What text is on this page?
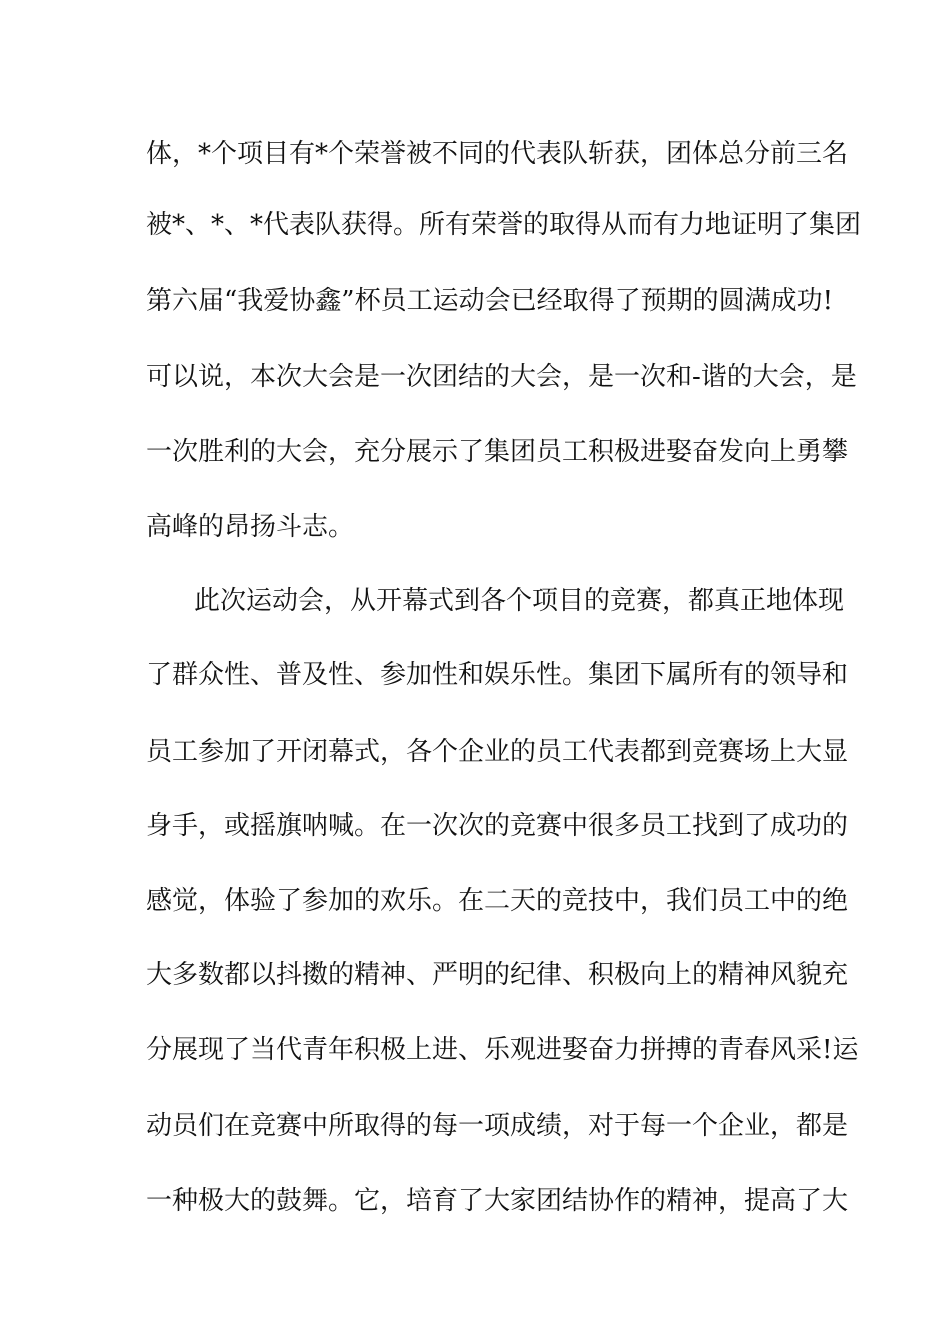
体，*个项目有*个荣誉被不同的代表队斩获，团体总分前三名
被*、*、*代表队获得。所有荣誉的取得从而有力地证明了集团
第六届“我爱协鑫”杯员工运动会已经取得了预期的圆满成功!
可以说，本次大会是一次团结的大会，是一次和-谐的大会，是
一次胜利的大会，充分展示了集团员工积极进娶奋发向上勇攀
高峰的昂扬斗志。
此次运动会，从开幕式到各个项目的竞赛，都真正地体现
了群众性、普及性、参加性和娱乐性。集团下属所有的领导和
员工参加了开闭幕式，各个企业的员工代表都到竞赛场上大显
身手，或摇旗呐喊。在一次次的竞赛中很多员工找到了成功的
感觉，体验了参加的欢乐。在二天的竞技中，我们员工中的绝
大多数都以抖擞的精神、严明的纪律、积极向上的精神风貌充
分展现了当代青年积极上进、乐观进娶奋力拼搏的青春风采!运
动员们在竞赛中所取得的每一项成绩，对于每一个企业，都是
一种极大的鼓舞。它，培育了大家团结协作的精神，提高了大
